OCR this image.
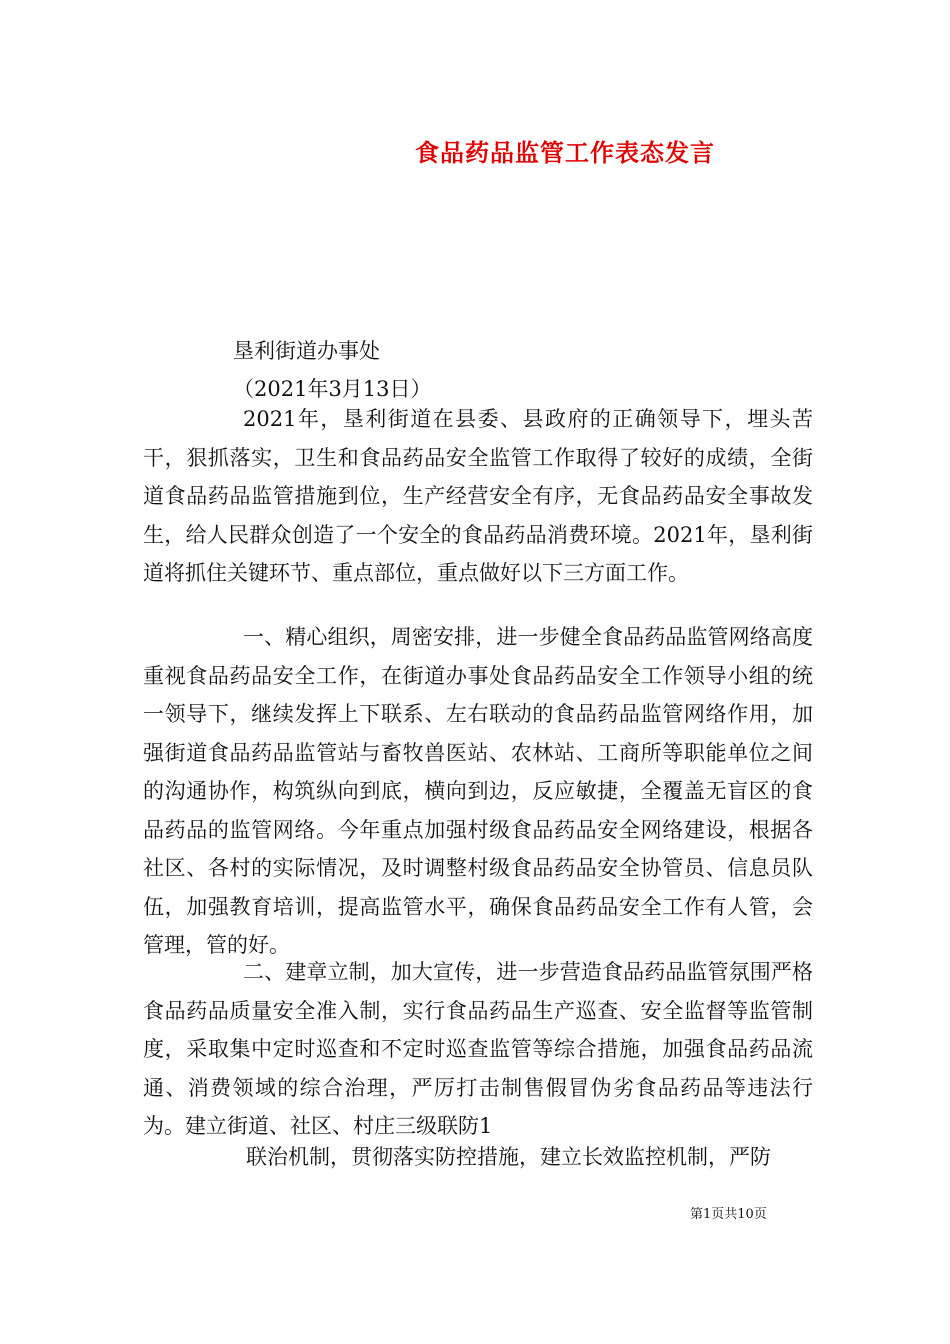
食品药品监管工作表态发言
垦利街道办事处
（2021年3月13日）
2021年，垦利街道在县委、县政府的正确领导下，埋头苦干，狠抓落实，卫生和食品药品安全监管工作取得了较好的成绩，全街道食品药品监管措施到位，生产经营安全有序，无食品药品安全事故发生，给人民群众创造了一个安全的食品药品消费环境。2021年，垦利街道将抓住关键环节、重点部位，重点做好以下三方面工作。
一、精心组织，周密安排，进一步健全食品药品监管网络高度重视食品药品安全工作，在街道办事处食品药品安全工作领导小组的统一领导下，继续发挥上下联系、左右联动的食品药品监管网络作用，加强街道食品药品监管站与畜牧兽医站、农林站、工商所等职能单位之间的沟通协作，构筑纵向到底，横向到边，反应敏捷，全覆盖无盲区的食品药品的监管网络。今年重点加强村级食品药品安全网络建设，根据各社区、各村的实际情况，及时调整村级食品药品安全协管员、信息员队伍，加强教育培训，提高监管水平，确保食品药品安全工作有人管，会管理，管的好。
二、建章立制，加大宣传，进一步营造食品药品监管氛围严格食品药品质量安全准入制，实行食品药品生产巡查、安全监督等监管制度，采取集中定时巡查和不定时巡查监管等综合措施，加强食品药品流通、消费领域的综合治理，严厉打击制售假冒伪劣食品药品等违法行为。建立街道、社区、村庄三级联防1
联治机制，贯彻落实防控措施，建立长效监控机制，严防
第1页共10页
